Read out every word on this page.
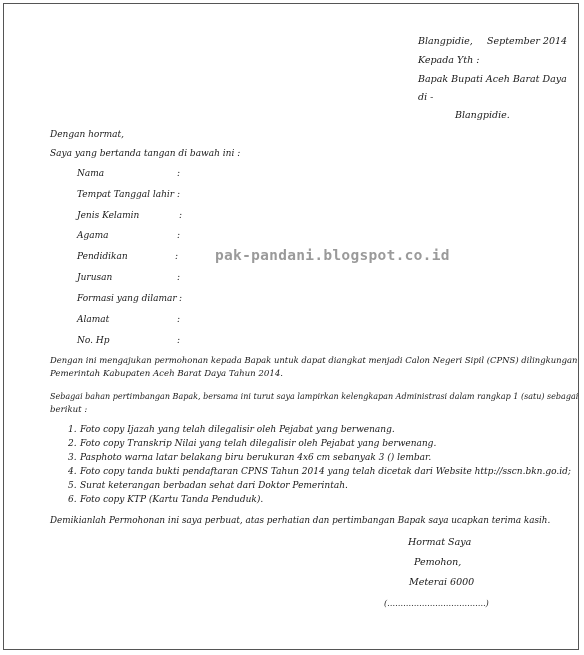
Blangpidie, September 2014
Kepada Yth :
Bapak Bupati Aceh Barat Daya
di -
Blangpidie.
Dengan hormat,
Saya yang bertanda tangan di bawah ini :
Nama	:
Tempat Tanggal lahir :
Jenis Kelamin	:
Agama	:
Pendidikan	:
Jurusan	:
Formasi yang dilamar :
Alamat	:
No. Hp	:
pak-pandani.blogspot.co.id
Dengan ini mengajukan permohonan kepada Bapak untuk dapat diangkat menjadi Calon Negeri Sipil (CPNS) dilingkungan
Pemerintah Kabupaten Aceh Barat Daya Tahun 2014.
Sebagai bahan pertimbangan Bapak, bersama ini turut saya lampirkan kelengkapan Administrasi dalam rangkap 1 (satu) sebagai
berikut :
1. Foto copy Ijazah yang telah dilegalisir oleh Pejabat yang berwenang.
2. Foto copy Transkrip Nilai yang telah dilegalisir oleh Pejabat yang berwenang.
3. Pasphoto warna latar belakang biru berukuran 4x6 cm sebanyak 3 () lembar.
4. Foto copy tanda bukti pendaftaran CPNS Tahun 2014 yang telah dicetak dari Website http://sscn.bkn.go.id;
5. Surat keterangan berbadan sehat dari Doktor Pemerintah.
6. Foto copy KTP (Kartu Tanda Penduduk).
Demikianlah Permohonan ini saya perbuat, atas perhatian dan pertimbangan Bapak saya ucapkan terima kasih.
Hormat Saya
Pemohon,
Meterai 6000
(……………………………….)
